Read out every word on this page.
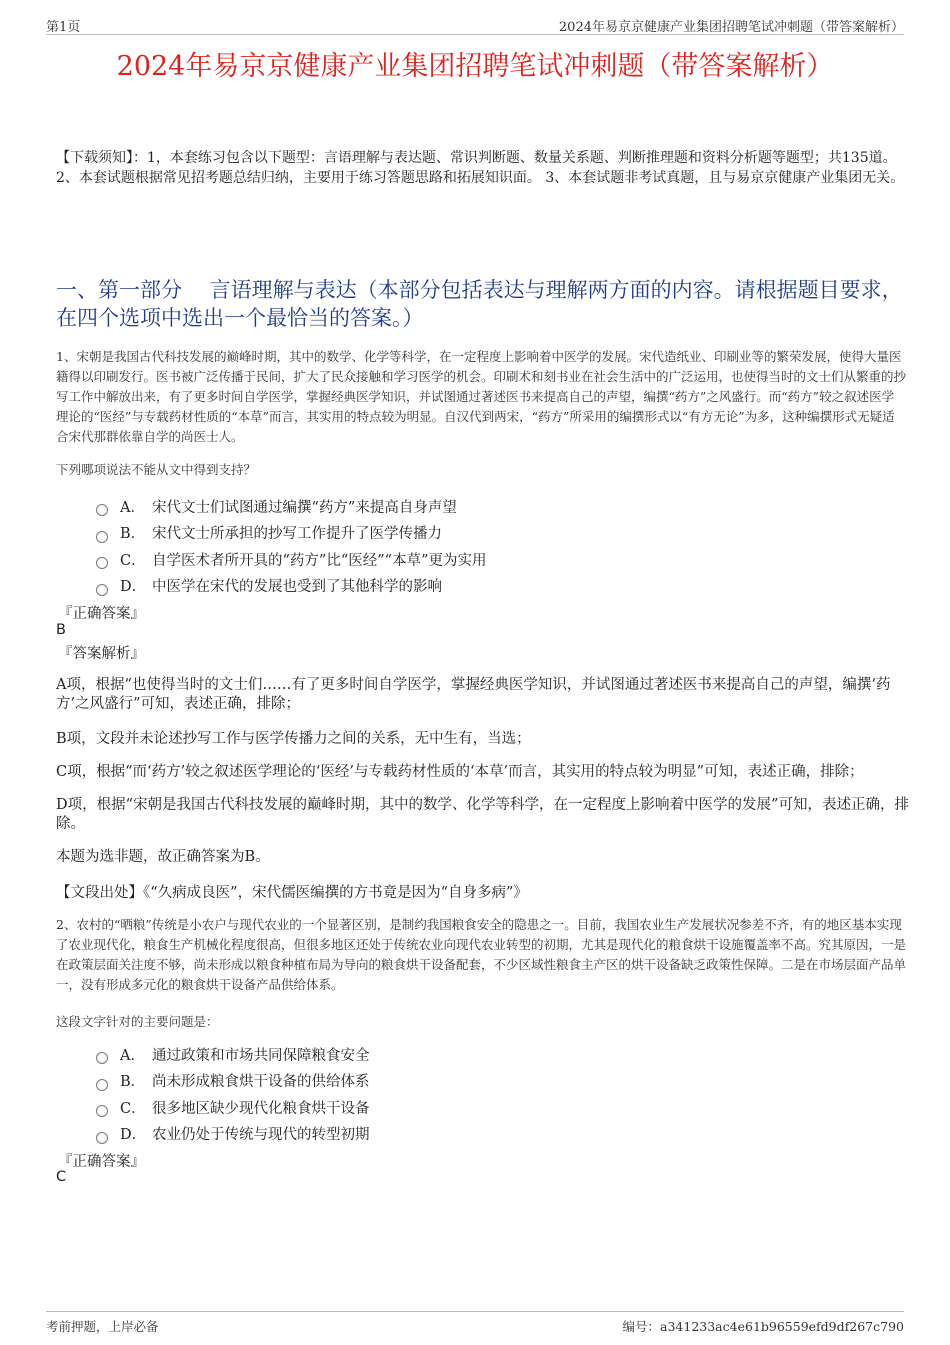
第1页	2024年易京京健康产业集团招聘笔试冲刺题（带答案解析）
2024年易京京健康产业集团招聘笔试冲刺题（带答案解析）
【下载须知】：1，本套练习包含以下题型：言语理解与表达题、常识判断题、数量关系题、判断推理题和资料分析题等题型；共135道。 2、本套试题根据常见招考题总结归纳，主要用于练习答题思路和拓展知识面。 3、本套试题非考试真题，且与易京京健康产业集团无关。
一、第一部分　 言语理解与表达（本部分包括表达与理解两方面的内容。请根据题目要求，在四个选项中选出一个最恰当的答案。）
1、宋朝是我国古代科技发展的巅峰时期，其中的数学、化学等科学，在一定程度上影响着中医学的发展。宋代造纸业、印刷业等的繁荣发展，使得大量医籍得以印刷发行。医书被广泛传播于民间，扩大了民众接触和学习医学的机会。印刷术和刻书业在社会生活中的广泛运用，也使得当时的文士们从繁重的抄写工作中解放出来，有了更多时间自学医学，掌握经典医学知识，并试图通过著述医书来提高自己的声望，编撰“药方”之风盛行。而“药方”较之叙述医学理论的“医经”与专载药材性质的“本草”而言，其实用的特点较为明显。自汉代到两宋，“药方”所采用的编撰形式以“有方无论”为多，这种编撰形式无疑适合宋代那群依靠自学的尚医士人。
下列哪项说法不能从文中得到支持？
A． 宋代文士们试图通过编撰“药方”来提高自身声望
B． 宋代文士所承担的抄写工作提升了医学传播力
C． 自学医术者所开具的“药方”比“医经”“本草”更为实用
D． 中医学在宋代的发展也受到了其他科学的影响
『正确答案』
B
『答案解析』
A项，根据“也使得当时的文士们……有了更多时间自学医学，掌握经典医学知识，并试图通过著述医书来提高自己的声望，编撰‘药方’之风盛行”可知，表述正确，排除；
B项，文段并未论述抄写工作与医学传播力之间的关系，无中生有，当选；
C项，根据“而‘药方’较之叙述医学理论的‘医经’与专载药材性质的‘本草’而言，其实用的特点较为明显”可知，表述正确，排除；
D项，根据“宋朝是我国古代科技发展的巅峰时期，其中的数学、化学等科学，在一定程度上影响着中医学的发展”可知，表述正确，排除。
本题为选非题，故正确答案为B。
【文段出处】《“久病成良医”，宋代儒医编撰的方书竟是因为“自身多病”》
2、农村的“晒粮”传统是小农户与现代农业的一个显著区别，是制约我国粮食安全的隐患之一。目前，我国农业生产发展状况参差不齐，有的地区基本实现了农业现代化，粮食生产机械化程度很高，但很多地区还处于传统农业向现代农业转型的初期，尤其是现代化的粮食烘干设施覆盖率不高。究其原因，一是在政策层面关注度不够，尚未形成以粮食种植布局为导向的粮食烘干设备配套，不少区域性粮食主产区的烘干设备缺乏政策性保障。二是在市场层面产品单一，没有形成多元化的粮食烘干设备产品供给体系。
这段文字针对的主要问题是：
A． 通过政策和市场共同保障粮食安全
B． 尚未形成粮食烘干设备的供给体系
C． 很多地区缺少现代化粮食烘干设备
D． 农业仍处于传统与现代的转型初期
『正确答案』
C
考前押题，上岸必备	编号：a341233ac4e61b96559efd9df267c790
